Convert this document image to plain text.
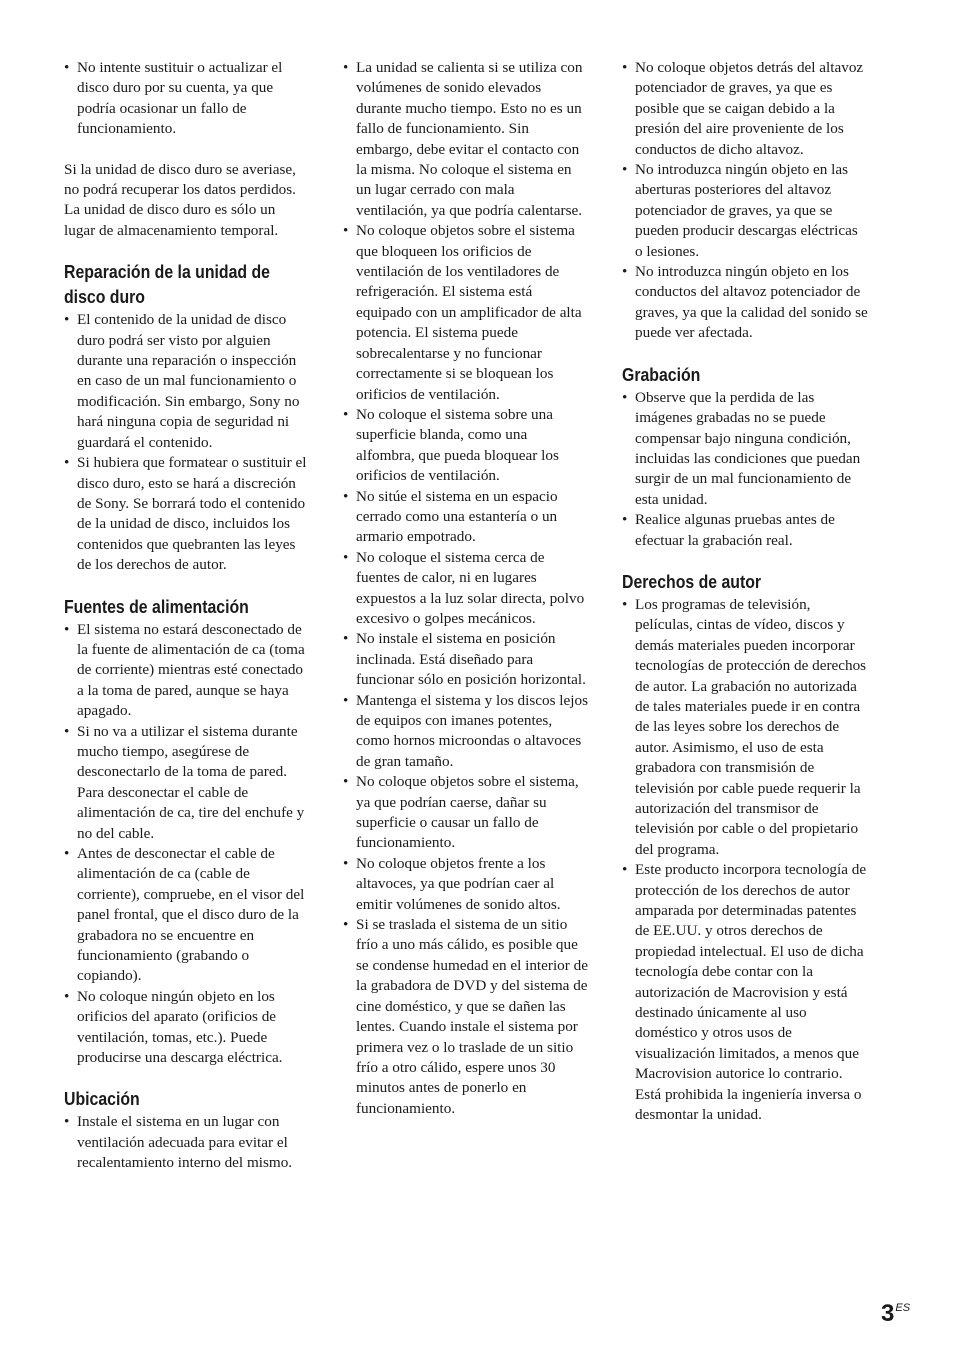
• No intente sustituir o actualizar el disco duro por su cuenta, ya que podría ocasionar un fallo de funcionamiento.

Si la unidad de disco duro se averiase, no podrá recuperar los datos perdidos. La unidad de disco duro es sólo un lugar de almacenamiento temporal.

Reparación de la unidad de disco duro
• El contenido de la unidad de disco duro podrá ser visto por alguien durante una reparación o inspección en caso de un mal funcionamiento o modificación. Sin embargo, Sony no hará ninguna copia de seguridad ni guardará el contenido.
• Si hubiera que formatear o sustituir el disco duro, esto se hará a discreción de Sony. Se borrará todo el contenido de la unidad de disco, incluidos los contenidos que quebranten las leyes de los derechos de autor.
Fuentes de alimentación
• El sistema no estará desconectado de la fuente de alimentación de ca (toma de corriente) mientras esté conectado a la toma de pared, aunque se haya apagado.
• Si no va a utilizar el sistema durante mucho tiempo, asegúrese de desconectarlo de la toma de pared. Para desconectar el cable de alimentación de ca, tire del enchufe y no del cable.
• Antes de desconectar el cable de alimentación de ca (cable de corriente), compruebe, en el visor del panel frontal, que el disco duro de la grabadora no se encuentre en funcionamiento (grabando o copiando).
• No coloque ningún objeto en los orificios del aparato (orificios de ventilación, tomas, etc.). Puede producirse una descarga eléctrica.
Ubicación
• Instale el sistema en un lugar con ventilación adecuada para evitar el recalentamiento interno del mismo.
• La unidad se calienta si se utiliza con volúmenes de sonido elevados durante mucho tiempo. Esto no es un fallo de funcionamiento. Sin embargo, debe evitar el contacto con la misma. No coloque el sistema en un lugar cerrado con mala ventilación, ya que podría calentarse.
• No coloque objetos sobre el sistema que bloqueen los orificios de ventilación de los ventiladores de refrigeración. El sistema está equipado con un amplificador de alta potencia. El sistema puede sobrecalentarse y no funcionar correctamente si se bloquean los orificios de ventilación.
• No coloque el sistema sobre una superficie blanda, como una alfombra, que pueda bloquear los orificios de ventilación.
• No sitúe el sistema en un espacio cerrado como una estantería o un armario empotrado.
• No coloque el sistema cerca de fuentes de calor, ni en lugares expuestos a la luz solar directa, polvo excesivo o golpes mecánicos.
• No instale el sistema en posición inclinada. Está diseñado para funcionar sólo en posición horizontal.
• Mantenga el sistema y los discos lejos de equipos con imanes potentes, como hornos microondas o altavoces de gran tamaño.
• No coloque objetos sobre el sistema, ya que podrían caerse, dañar su superficie o causar un fallo de funcionamiento.
• No coloque objetos frente a los altavoces, ya que podrían caer al emitir volúmenes de sonido altos.
• Si se traslada el sistema de un sitio frío a uno más cálido, es posible que se condense humedad en el interior de la grabadora de DVD y del sistema de cine doméstico, y que se dañen las lentes. Cuando instale el sistema por primera vez o lo traslade de un sitio frío a otro cálido, espere unos 30 minutos antes de ponerlo en funcionamiento.
• No coloque objetos detrás del altavoz potenciador de graves, ya que es posible que se caigan debido a la presión del aire proveniente de los conductos de dicho altavoz.
• No introduzca ningún objeto en las aberturas posteriores del altavoz potenciador de graves, ya que se pueden producir descargas eléctricas o lesiones.
• No introduzca ningún objeto en los conductos del altavoz potenciador de graves, ya que la calidad del sonido se puede ver afectada.
Grabación
• Observe que la perdida de las imágenes grabadas no se puede compensar bajo ninguna condición, incluidas las condiciones que puedan surgir de un mal funcionamiento de esta unidad.
• Realice algunas pruebas antes de efectuar la grabación real.
Derechos de autor
• Los programas de televisión, películas, cintas de vídeo, discos y demás materiales pueden incorporar tecnologías de protección de derechos de autor. La grabación no autorizada de tales materiales puede ir en contra de las leyes sobre los derechos de autor. Asimismo, el uso de esta grabadora con transmisión de televisión por cable puede requerir la autorización del transmisor de televisión por cable o del propietario del programa.
• Este producto incorpora tecnología de protección de los derechos de autor amparada por determinadas patentes de EE.UU. y otros derechos de propiedad intelectual. El uso de dicha tecnología debe contar con la autorización de Macrovision y está destinado únicamente al uso doméstico y otros usos de visualización limitados, a menos que Macrovision autorice lo contrario. Está prohibida la ingeniería inversa o desmontar la unidad.
$3^{ES}$
